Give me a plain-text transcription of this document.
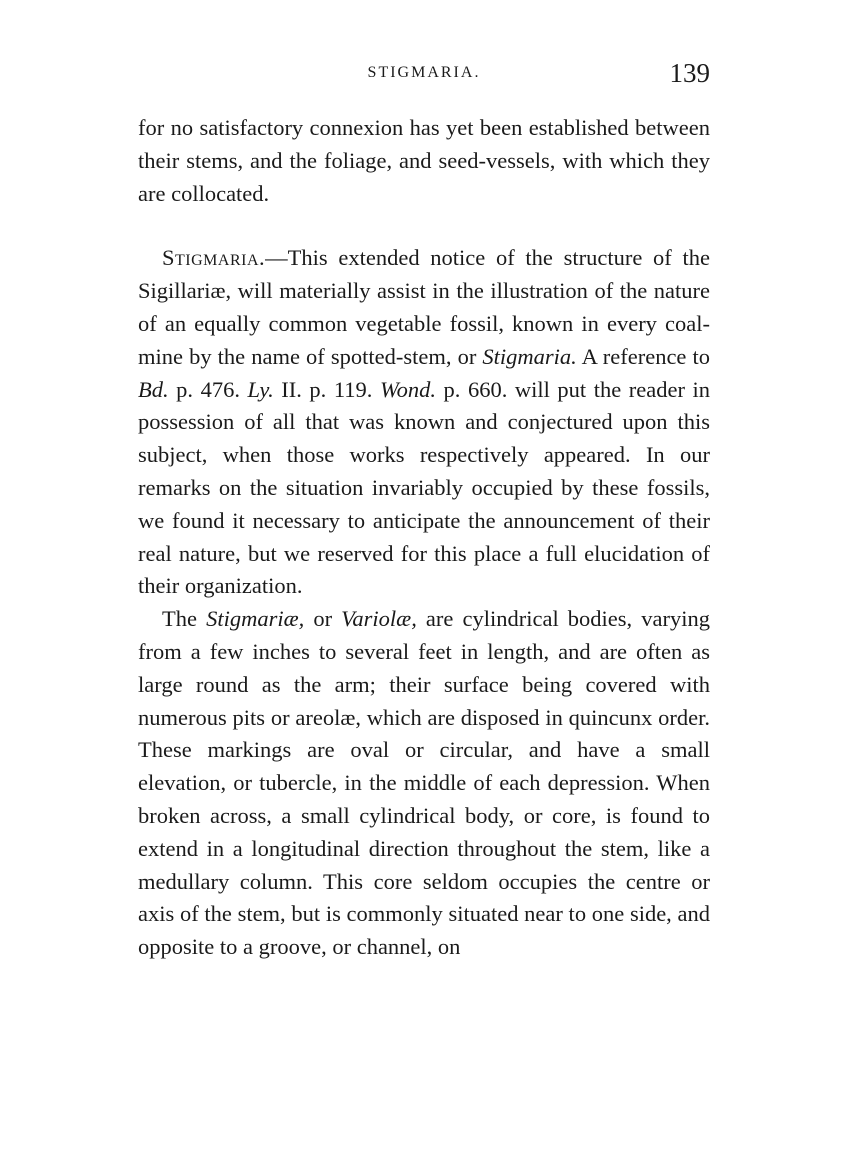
STIGMARIA.	139

for no satisfactory connexion has yet been established between their stems, and the foliage, and seed-vessels, with which they are collocated.

Stigmaria.—This extended notice of the structure of the Sigillariæ, will materially assist in the illustration of the nature of an equally common vegetable fossil, known in every coal-mine by the name of spotted-stem, or Stigmaria. A reference to Bd. p. 476. Ly. II. p. 119. Wond. p. 660. will put the reader in possession of all that was known and conjectured upon this subject, when those works respectively appeared. In our remarks on the situation invariably occupied by these fossils, we found it necessary to anticipate the announcement of their real nature, but we reserved for this place a full elucidation of their organization.

The Stigmariæ, or Variolæ, are cylindrical bodies, varying from a few inches to several feet in length, and are often as large round as the arm; their surface being covered with numerous pits or areolæ, which are disposed in quincunx order. These markings are oval or circular, and have a small elevation, or tubercle, in the middle of each depression. When broken across, a small cylindrical body, or core, is found to extend in a longitudinal direction throughout the stem, like a medullary column. This core seldom occupies the centre or axis of the stem, but is commonly situated near to one side, and opposite to a groove, or channel, on
